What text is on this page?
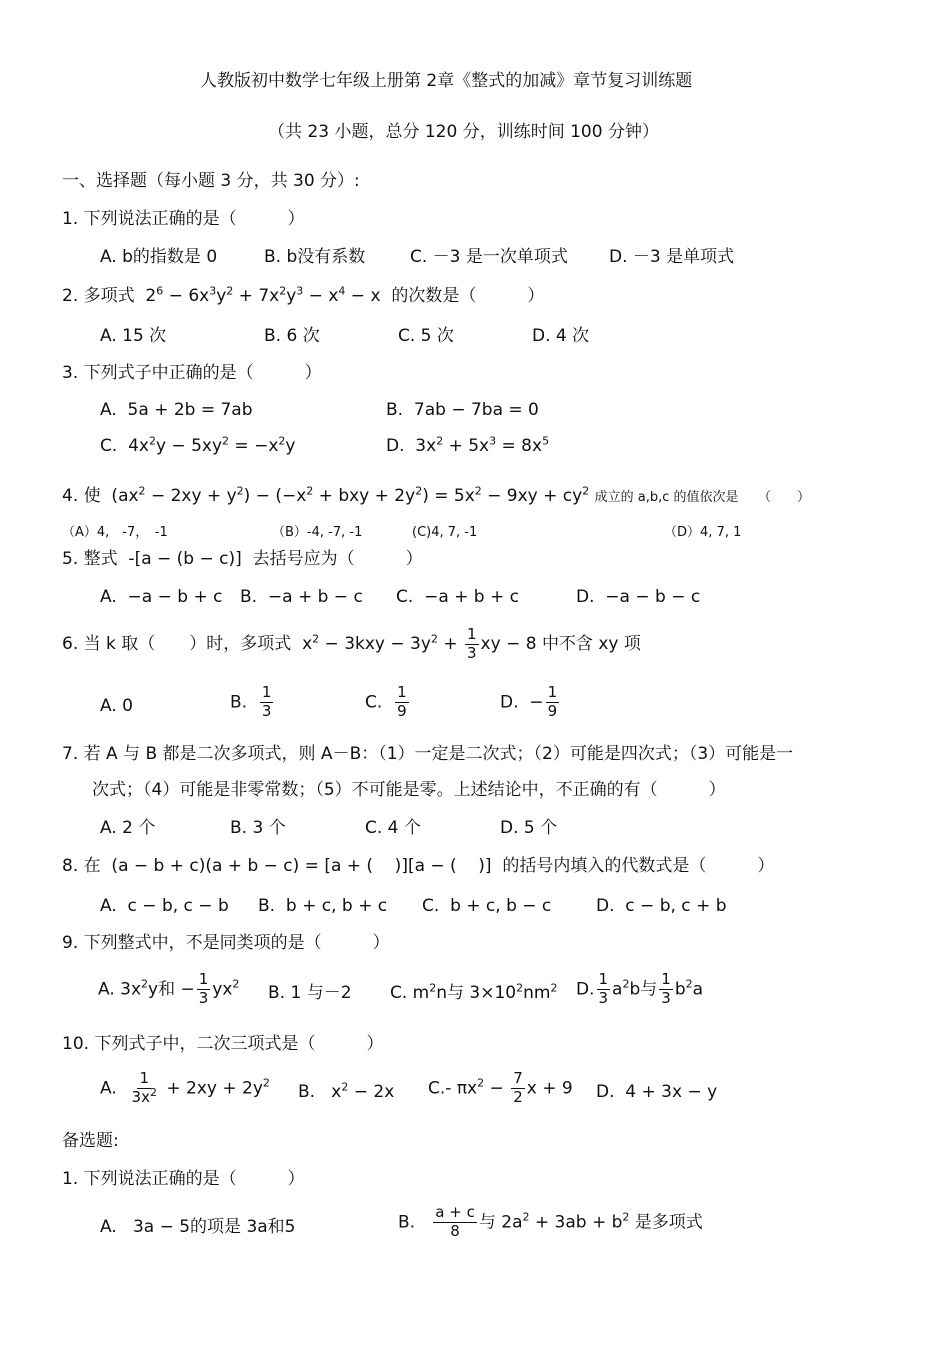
人教版初中数学七年级上册第 2章《整式的加减》章节复习训练题
（共 23 小题，总分 120 分，训练时间 100 分钟）
一、选择题（每小题 3 分，共 30 分）:
1. 下列说法正确的是（　　　）
A. b的指数是 0	B. b没有系数	C. －3 是一次单项式 D. －3 是单项式
2. 多项式  $2^6 - 6x^3y^2 + 7x^2y^3 - x^4 - x$  的次数是（　　　）
A. 15 次	B. 6 次	C. 5 次	D. 4 次
3. 下列式子中正确的是（　　　）
A.  5a + 2b = 7ab	B.  7ab − 7ba = 0
C.  $4x^2y - 5xy^2 = -x^2y$	D.  $3x^2 + 5x^3 = 8x^5$
4. 使  $(ax^2 - 2xy + y^2) - (-x^2$ + bxy + $2y^2) = 5x^2 - 9xy + cy^2$ 成立的 a,b,c 的值依次是　　（　　）
（A）4,　-7，　-1	（B）-4, -7, -1	(C)4, 7, -1	（D）4, 7, 1
5. 整式  -[a − (b − c)]  去括号应为（　　　）
A.  −a − b + c B.  −a + b − c C.  −a + b + c	D.  −a − b − c
6. 当 k 取（　　）时，多项式  $x^2 - 3kxy - 3y^2 + \frac{1}{3}$ xy − 8 中不含 xy 项
A. 0	B. $\frac{1}{3}$	C. $\frac{1}{9}$	D.  − $\frac{1}{9}$
7. 若 A 与 B 都是二次多项式，则 A－B：（1）一定是二次式；（2）可能是四次式；（3）可能是一
次式；（4）可能是非零常数；（5）不可能是零。上述结论中，不正确的有（　　　）
A. 2 个	B. 3 个	C. 4 个	D. 5 个
8. 在  (a − b + c)(a + b − c) = [a + (    )][a − (    )]  的括号内填入的代数式是（　　　）
A.  c − b, c − b B.  b + c, b + c C.  b + c, b − c	D.  c − b, c + b
9. 下列整式中，不是同类项的是（　　　）
A. $3x^2y$和 − $\frac{1}{3} yx^2$ B. 1 与－2 C. $m^2n$与 $3\times 10^2nm^2$ D. $\frac{1}{3} a^2b$与 $\frac{1}{3} b^2a$
10. 下列式子中，二次三项式是（　　　）
A. $\frac{1}{3x^2} + 2xy + 2y^2$ B.   $x^2 - 2x$ C.- $\pi x^2 - \frac{7}{2}$ x + 9 D.  4 + 3x − y
备选题:
1. 下列说法正确的是（　　　）
A.   3a − 5的项是 3a和5	B. $\frac{a + c}{8}$ 与 $2a^2 + 3ab + b^2$ 是多项式
